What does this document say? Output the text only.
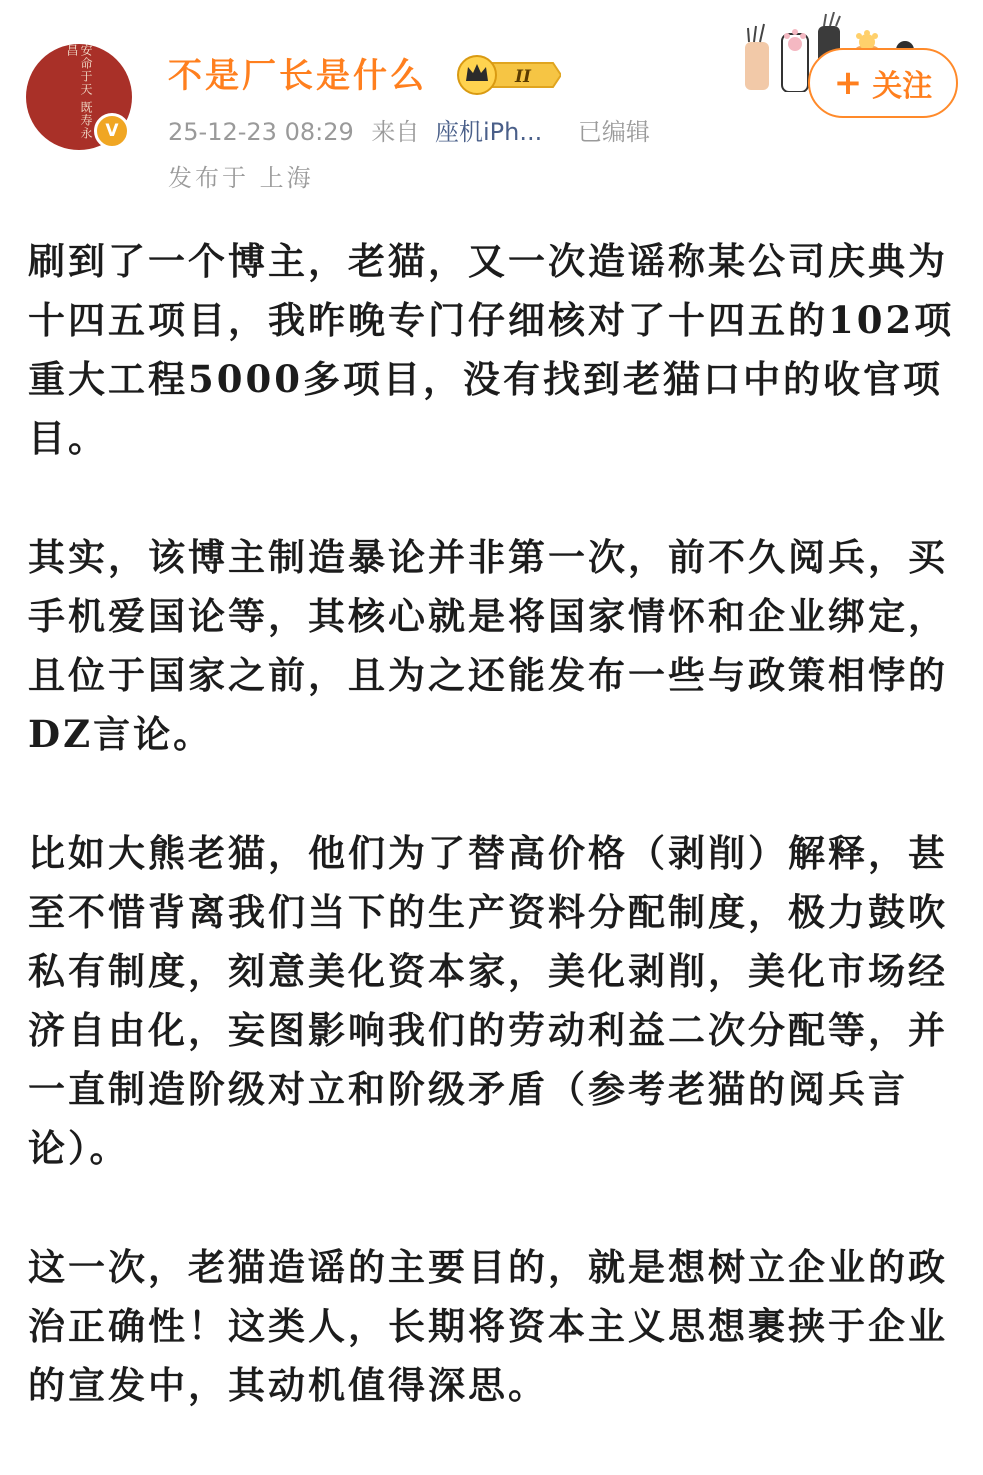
安命于天 既寿永昌
V
不是厂长是什么	II
25-12-23 08:29 来自 座机iPh... 已编辑
发布于 上海
+ 关注

刷到了一个博主，老猫，又一次造谣称某公司庆典为十四五项目，我昨晚专门仔细核对了十四五的102项重大工程5000多项目，没有找到老猫口中的收官项目。

其实，该博主制造暴论并非第一次，前不久阅兵，买手机爱国论等，其核心就是将国家情怀和企业绑定，且位于国家之前，且为之还能发布一些与政策相悖的DZ言论。

比如大熊老猫，他们为了替高价格（剥削）解释，甚至不惜背离我们当下的生产资料分配制度，极力鼓吹私有制度，刻意美化资本家，美化剥削，美化市场经济自由化，妄图影响我们的劳动利益二次分配等，并一直制造阶级对立和阶级矛盾（参考老猫的阅兵言论）。

这一次，老猫造谣的主要目的，就是想树立企业的政治正确性！这类人，长期将资本主义思想裹挟于企业的宣发中，其动机值得深思。
